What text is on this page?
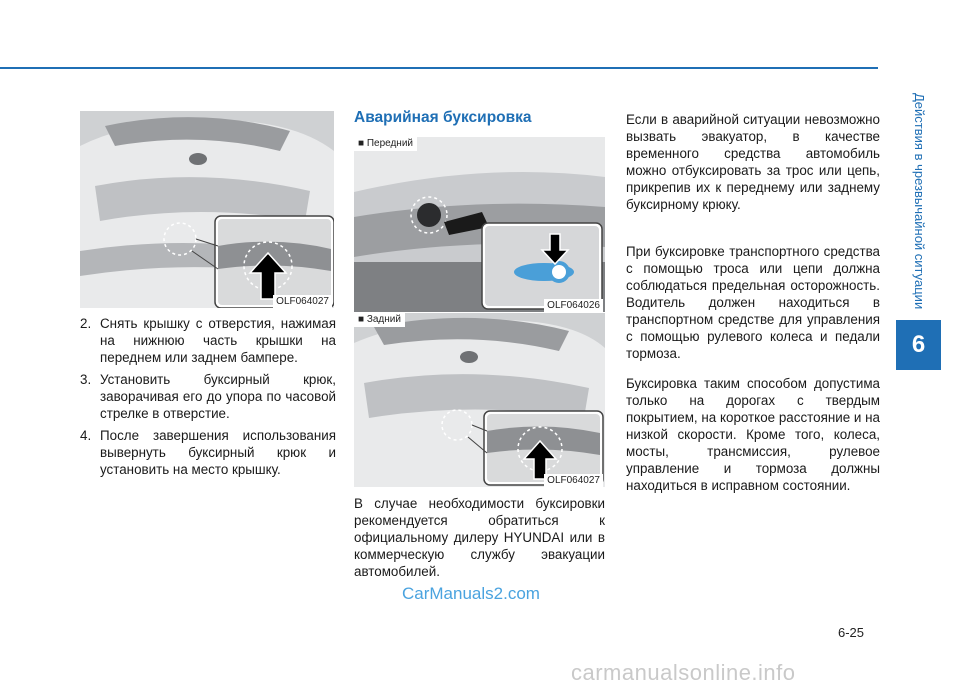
Действия в чрезвычайной ситуации
6
OLF064027
2. Снять крышку с отверстия, нажимая на нижнюю часть крышки на переднем или заднем бампере.
3. Установить буксирный крюк, заворачивая его до упора по часовой стрелке в отверстие.
4. После завершения использования вывернуть буксирный крюк и установить на место крышку.
Аварийная буксировка
■ Передний
OLF064026
■ Задний
OLF064027
В случае необходимости буксировки рекомендуется обратиться к официальному дилеру HYUNDAI или в коммерческую службу эвакуации автомобилей.
Если в аварийной ситуации невозможно вызвать эвакуатор, в качестве временного средства автомобиль можно отбуксировать за трос или цепь, прикрепив их к переднему или заднему буксирному крюку.
При буксировке транспортного средства с помощью троса или цепи должна соблюдаться предельная осторожность. Водитель должен находиться в транспортном средстве для управления с помощью рулевого колеса и педали тормоза.
Буксировка таким способом допустима только на дорогах с твердым покрытием, на короткое расстояние и на низкой скорости. Кроме того, колеса, мосты, трансмиссия, рулевое управление и тормоза должны находиться в исправном состоянии.
6-25
CarManuals2.com
carmanualsonline.info
